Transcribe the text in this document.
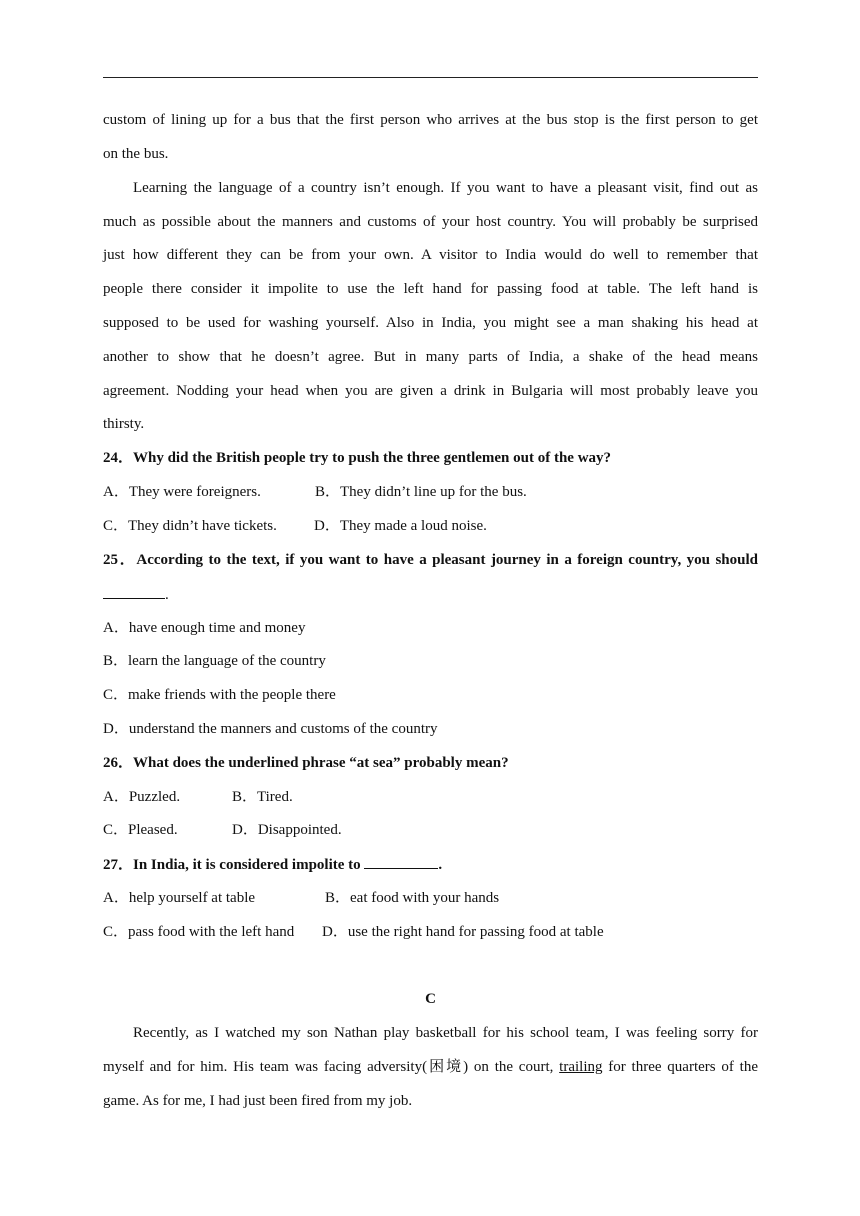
custom of lining up for a bus that the first person who arrives at the bus stop is the first person to get
on the bus.
Learning the language of a country isn’t enough. If you want to have a pleasant visit, find out as
much as possible about the manners and customs of your host country. You will probably be surprised
just how different they can be from your own. A visitor to India would do well to remember that
people there consider it impolite to use the left hand for passing food at table. The left hand is
supposed to be used for washing yourself. Also in India, you might see a man shaking his head at
another to show that he doesn’t agree. But in many parts of India, a shake of the head means
agreement. Nodding your head when you are given a drink in Bulgaria will most probably leave you
thirsty.
24．Why did the British people try to push the three gentlemen out of the way?
A．They were foreigners.	B．They didn’t line up for the bus.
C．They didn’t have tickets. D．They made a loud noise.
25．According to the text, if you want to have a pleasant journey in a foreign country, you should
.
A．have enough time and money
B．learn the language of the country
C．make friends with the people there
D．understand the manners and customs of the country
26．What does the underlined phrase “at sea” probably mean?
A．Puzzled.	B．Tired.
C．Pleased.	D．Disappointed.
27．In India, it is considered impolite to	.
A．help yourself at table	B．eat food with your hands
C．pass food with the left hand D．use the right hand for passing food at table
C
Recently, as I watched my son Nathan play basketball for his school team, I was feeling sorry for
myself and for him. His team was facing adversity(困境) on the court, trailing for three quarters of the
game. As for me, I had just been fired from my job.
